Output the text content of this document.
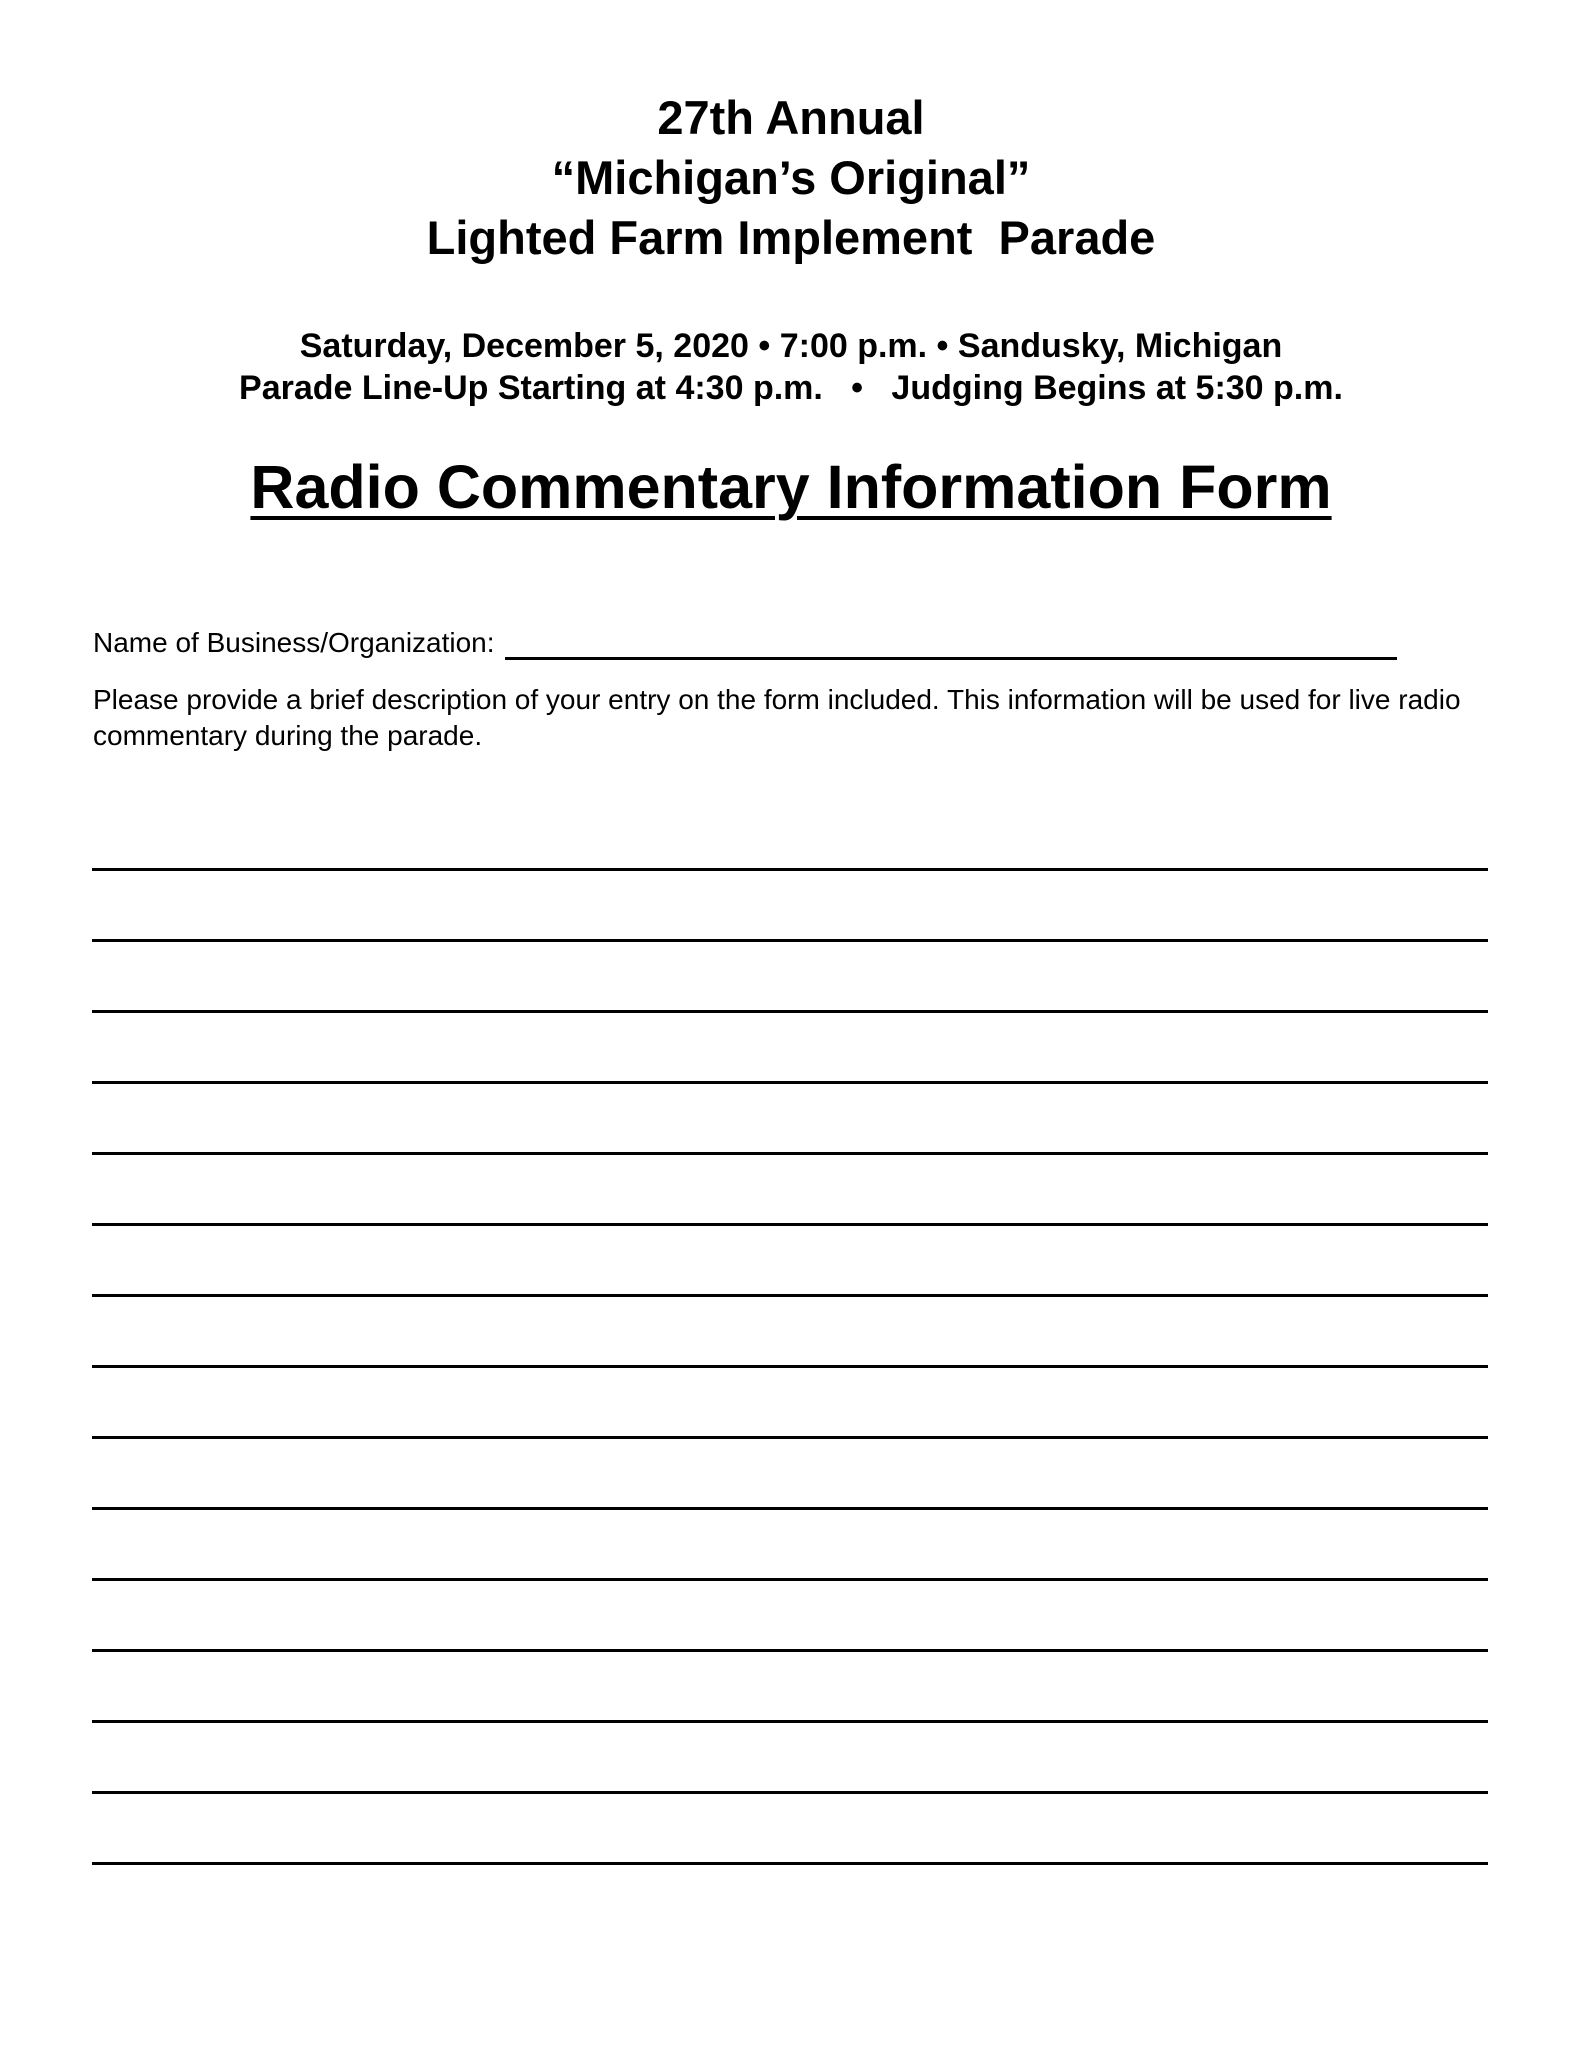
27th Annual
“Michigan’s Original”
Lighted Farm Implement  Parade
Saturday, December 5, 2020 • 7:00 p.m. • Sandusky, Michigan
Parade Line-Up Starting at 4:30 p.m.   •   Judging Begins at 5:30 p.m.
Radio Commentary Information Form
Name of Business/Organization:
Please provide a brief description of your entry on the form included. This information will be used for live radio commentary during the parade.
